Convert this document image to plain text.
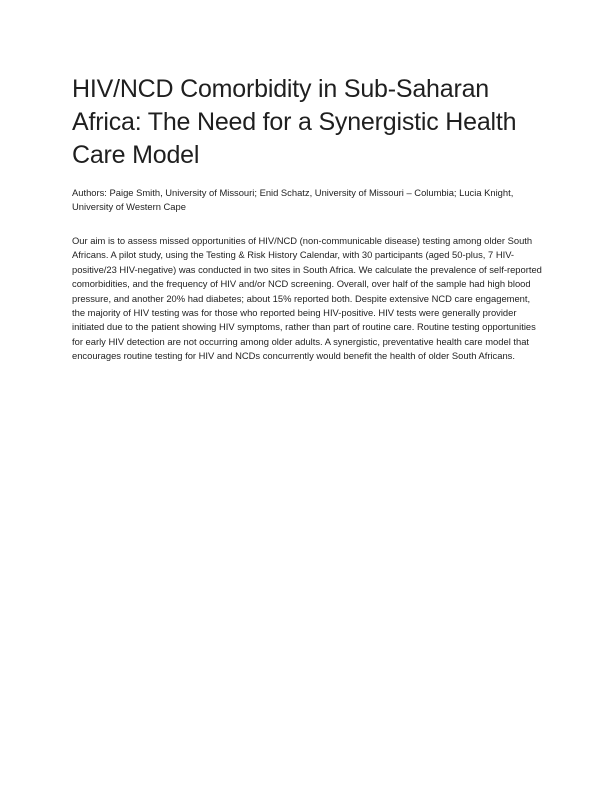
HIV/NCD Comorbidity in Sub-Saharan Africa: The Need for a Synergistic Health Care Model

Authors: Paige Smith, University of Missouri; Enid Schatz, University of Missouri – Columbia; Lucia Knight, University of Western Cape

Our aim is to assess missed opportunities of HIV/NCD (non-communicable disease) testing among older South Africans. A pilot study, using the Testing & Risk History Calendar, with 30 participants (aged 50-plus, 7 HIV-positive/23 HIV-negative) was conducted in two sites in South Africa. We calculate the prevalence of self-reported comorbidities, and the frequency of HIV and/or NCD screening. Overall, over half of the sample had high blood pressure, and another 20% had diabetes; about 15% reported both. Despite extensive NCD care engagement, the majority of HIV testing was for those who reported being HIV-positive. HIV tests were generally provider initiated due to the patient showing HIV symptoms, rather than part of routine care. Routine testing opportunities for early HIV detection are not occurring among older adults. A synergistic, preventative health care model that encourages routine testing for HIV and NCDs concurrently would benefit the health of older South Africans.
